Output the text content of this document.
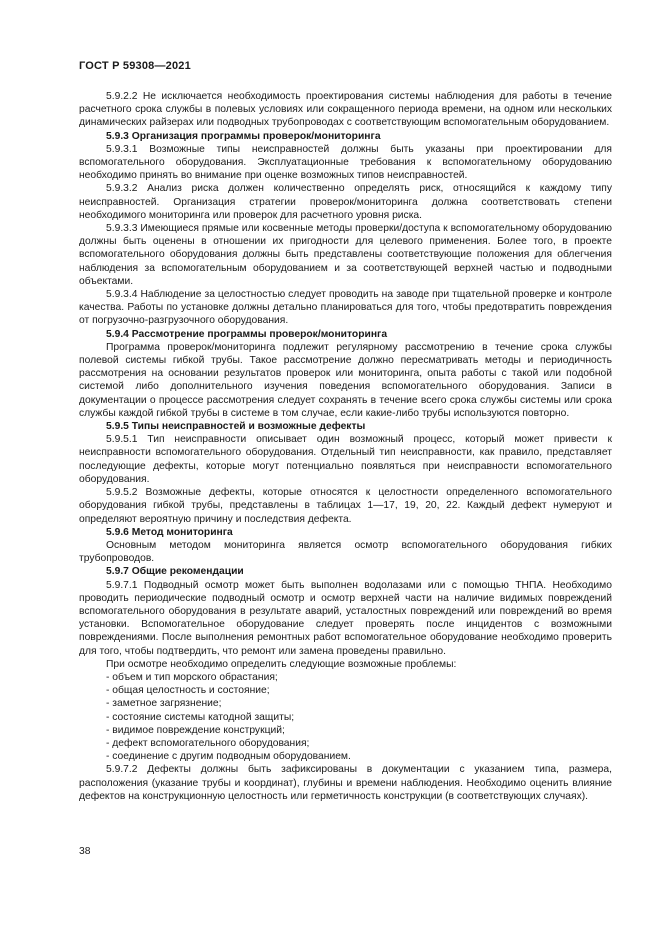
ГОСТ Р 59308—2021

5.9.2.2 Не исключается необходимость проектирования системы наблюдения для работы в течение расчетного срока службы в полевых условиях или сокращенного периода времени, на одном или нескольких динамических райзерах или подводных трубопроводах с соответствующим вспомогательным оборудованием.

5.9.3 Организация программы проверок/мониторинга

5.9.3.1 Возможные типы неисправностей должны быть указаны при проектировании для вспомогательного оборудования. Эксплуатационные требования к вспомогательному оборудованию необходимо принять во внимание при оценке возможных типов неисправностей.

5.9.3.2 Анализ риска должен количественно определять риск, относящийся к каждому типу неисправностей. Организация стратегии проверок/мониторинга должна соответствовать степени необходимого мониторинга или проверок для расчетного уровня риска.

5.9.3.3 Имеющиеся прямые или косвенные методы проверки/доступа к вспомогательному оборудованию должны быть оценены в отношении их пригодности для целевого применения. Более того, в проекте вспомогательного оборудования должны быть представлены соответствующие положения для облегчения наблюдения за вспомогательным оборудованием и за соответствующей верхней частью и подводными объектами.

5.9.3.4 Наблюдение за целостностью следует проводить на заводе при тщательной проверке и контроле качества. Работы по установке должны детально планироваться для того, чтобы предотвратить повреждения от погрузочно-разгрузочного оборудования.

5.9.4 Рассмотрение программы проверок/мониторинга

Программа проверок/мониторинга подлежит регулярному рассмотрению в течение срока службы полевой системы гибкой трубы. Такое рассмотрение должно пересматривать методы и периодичность рассмотрения на основании результатов проверок или мониторинга, опыта работы с такой или подобной системой либо дополнительного изучения поведения вспомогательного оборудования. Записи в документации о процессе рассмотрения следует сохранять в течение всего срока службы системы или срока службы каждой гибкой трубы в системе в том случае, если какие-либо трубы используются повторно.

5.9.5 Типы неисправностей и возможные дефекты

5.9.5.1 Тип неисправности описывает один возможный процесс, который может привести к неисправности вспомогательного оборудования. Отдельный тип неисправности, как правило, представляет последующие дефекты, которые могут потенциально появляться при неисправности вспомогательного оборудования.

5.9.5.2 Возможные дефекты, которые относятся к целостности определенного вспомогательного оборудования гибкой трубы, представлены в таблицах 1—17, 19, 20, 22. Каждый дефект нумеруют и определяют вероятную причину и последствия дефекта.

5.9.6 Метод мониторинга

Основным методом мониторинга является осмотр вспомогательного оборудования гибких трубопроводов.

5.9.7 Общие рекомендации

5.9.7.1 Подводный осмотр может быть выполнен водолазами или с помощью ТНПА. Необходимо проводить периодические подводный осмотр и осмотр верхней части на наличие видимых повреждений вспомогательного оборудования в результате аварий, усталостных повреждений или повреждений во время установки. Вспомогательное оборудование следует проверять после инцидентов с возможными повреждениями. После выполнения ремонтных работ вспомогательное оборудование необходимо проверить для того, чтобы подтвердить, что ремонт или замена проведены правильно.

При осмотре необходимо определить следующие возможные проблемы:

- объем и тип морского обрастания;

- общая целостность и состояние;

- заметное загрязнение;

- состояние системы катодной защиты;

- видимое повреждение конструкций;

- дефект вспомогательного оборудования;

- соединение с другим подводным оборудованием.

5.9.7.2 Дефекты должны быть зафиксированы в документации с указанием типа, размера, расположения (указание трубы и координат), глубины и времени наблюдения. Необходимо оценить влияние дефектов на конструкционную целостность или герметичность конструкции (в соответствующих случаях).

38
